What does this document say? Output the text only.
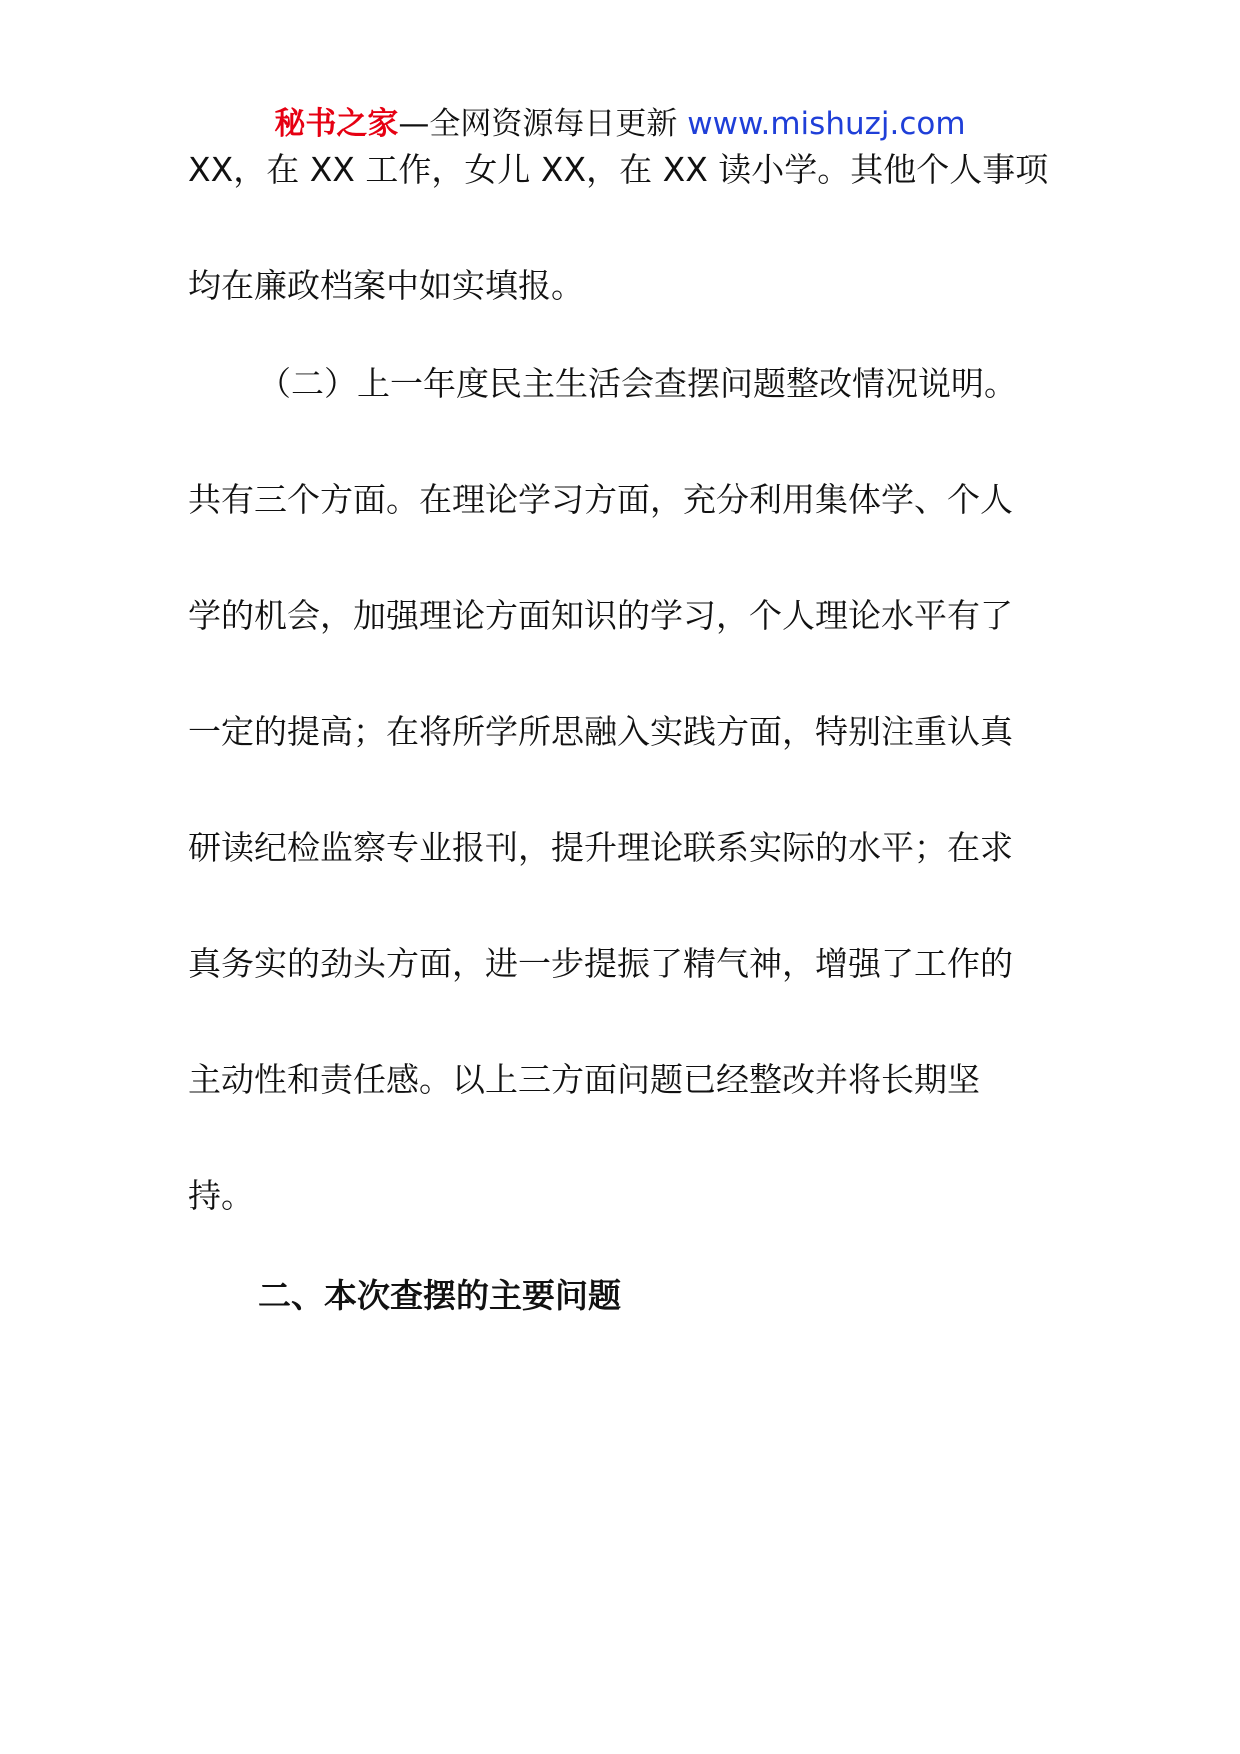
秘书之家—全网资源每日更新 www.mishuzj.com
XX，在 XX 工作，女儿 XX，在 XX 读小学。其他个人事项
均在廉政档案中如实填报。
（二）上一年度民主生活会查摆问题整改情况说明。
共有三个方面。在理论学习方面，充分利用集体学、个人
学的机会，加强理论方面知识的学习，个人理论水平有了
一定的提高；在将所学所思融入实践方面，特别注重认真
研读纪检监察专业报刊，提升理论联系实际的水平；在求
真务实的劲头方面，进一步提振了精气神，增强了工作的
主动性和责任感。以上三方面问题已经整改并将长期坚
持。
二、本次查摆的主要问题
